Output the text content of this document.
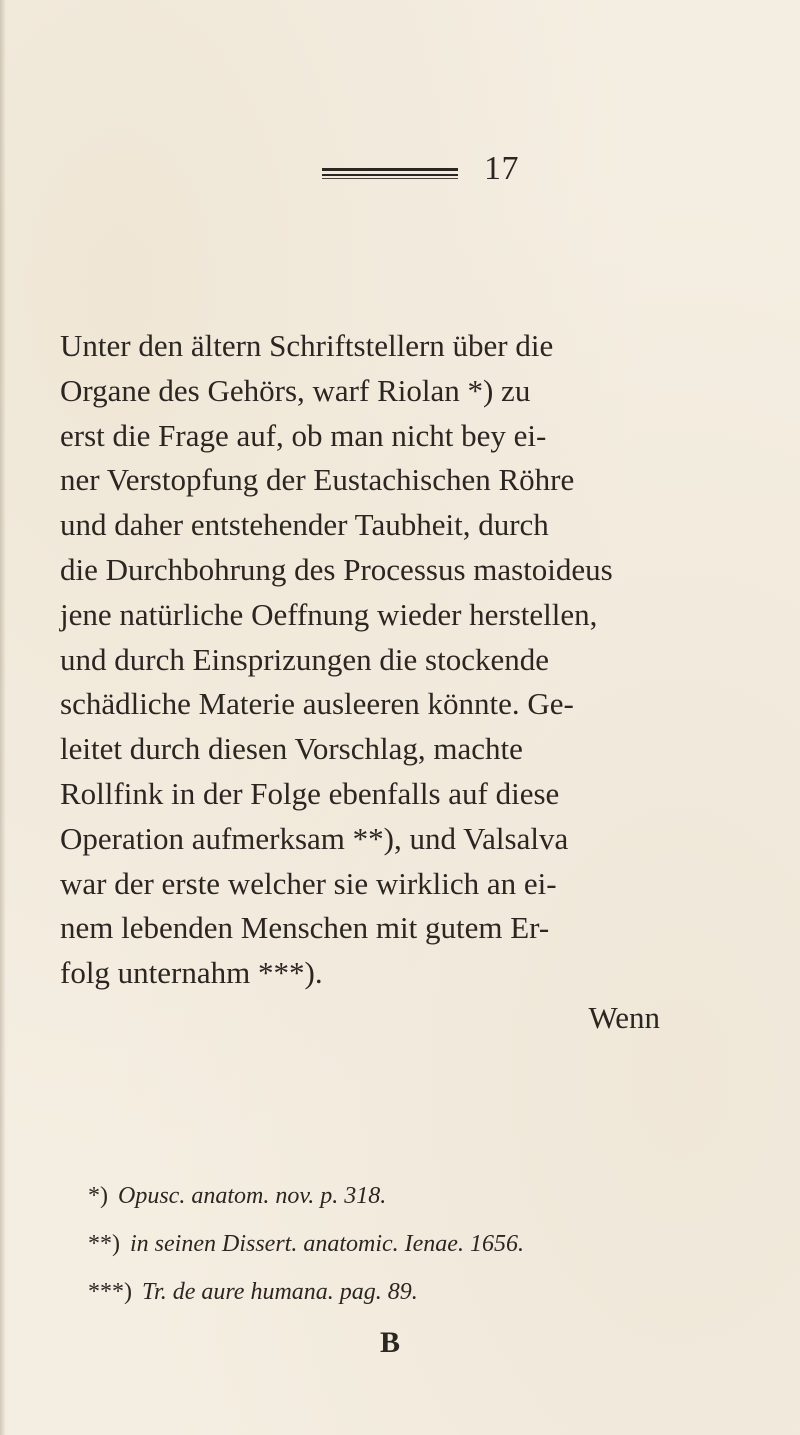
17
Unter den ältern Schriftstellern über die
Organe des Gehörs, warf Riolan *) zu
erst die Frage auf, ob man nicht bey ei-
ner Verstopfung der Eustachischen Röhre
und daher entstehender Taubheit, durch
die Durchbohrung des Processus mastoideus
jene natürliche Oeffnung wieder herstellen,
und durch Einsprizungen die stockende
schädliche Materie ausleeren könnte. Ge-
leitet durch diesen Vorschlag, machte
Rollfink in der Folge ebenfalls auf diese
Operation aufmerksam **), und Valsalva
war der erste welcher sie wirklich an ei-
nem lebenden Menschen mit gutem Er-
folg unternahm ***).
Wenn
*) Opusc. anatom. nov. p. 318.
**) in seinen Dissert. anatomic. Ienae. 1656.
***) Tr. de aure humana. pag. 89.
B
